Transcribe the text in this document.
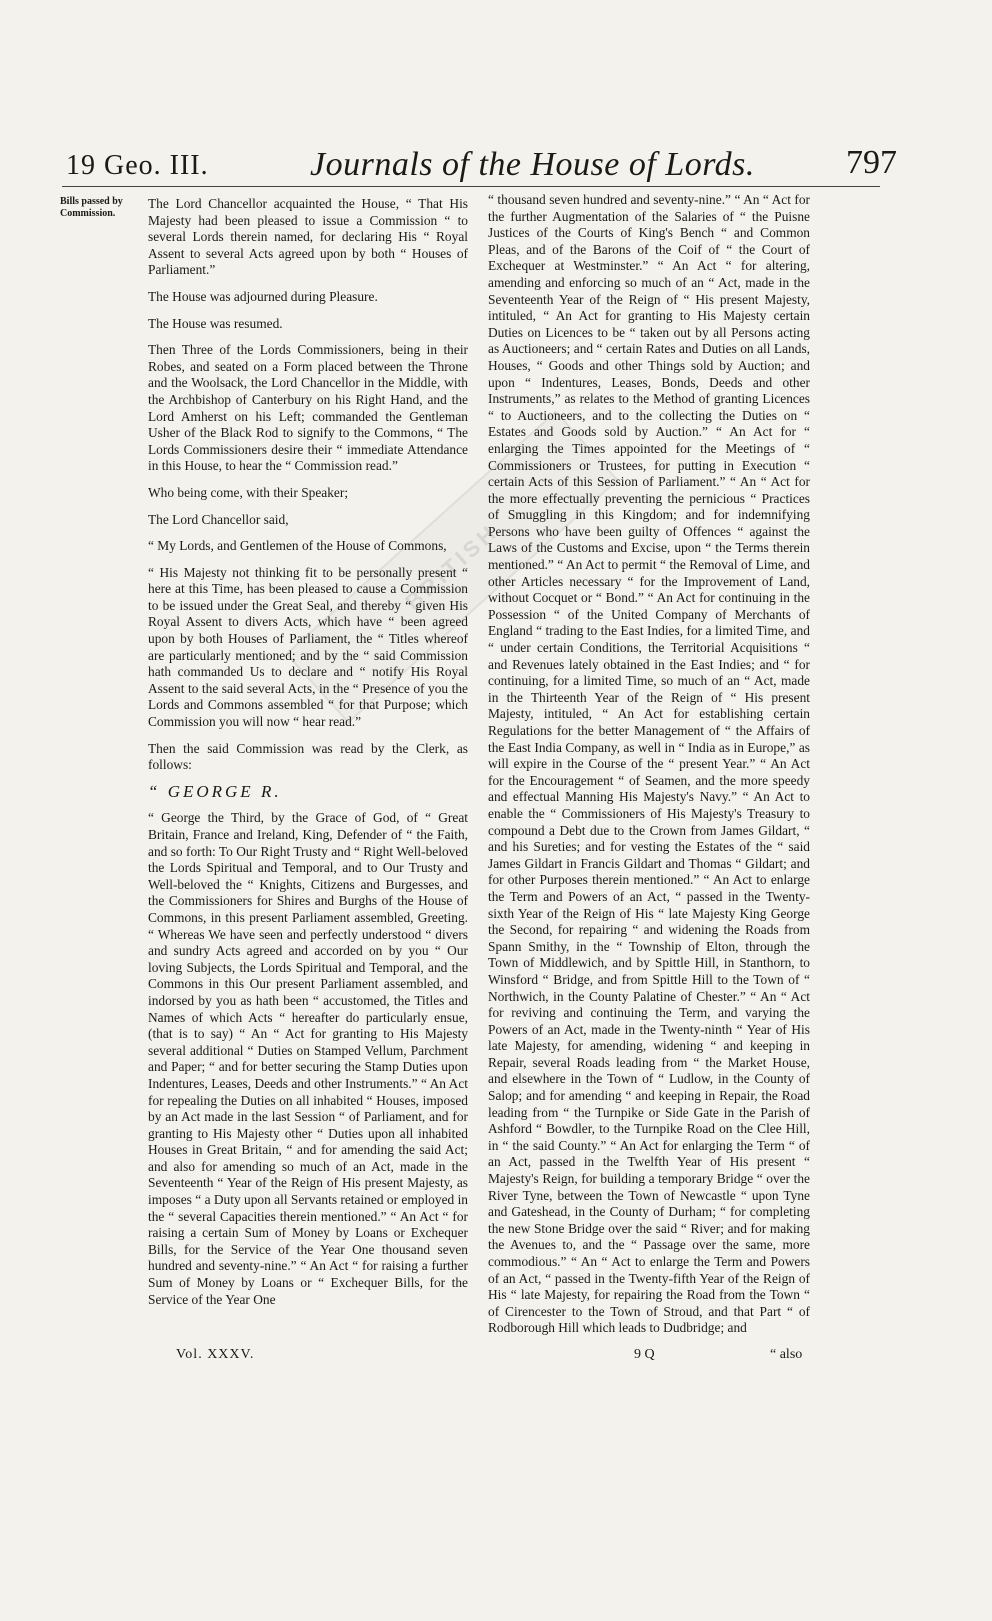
19 Geo. III.	Journals of the House of Lords.	797
Bills passed by Commission.
BRITISH

The Lord Chancellor acquainted the House, “ That His Majesty had been pleased to issue a Commission “ to several Lords therein named, for declaring His “ Royal Assent to several Acts agreed upon by both “ Houses of Parliament.”

The House was adjourned during Pleasure.

The House was resumed.

Then Three of the Lords Commissioners, being in their Robes, and seated on a Form placed between the Throne and the Woolsack, the Lord Chancellor in the Middle, with the Archbishop of Canterbury on his Right Hand, and the Lord Amherst on his Left; commanded the Gentleman Usher of the Black Rod to signify to the Commons, “ The Lords Commissioners desire their “ immediate Attendance in this House, to hear the “ Commission read.”

Who being come, with their Speaker;

The Lord Chancellor said,

“ My Lords, and Gentlemen of the House of Commons,

“ His Majesty not thinking fit to be personally present “ here at this Time, has been pleased to cause a Commission to be issued under the Great Seal, and thereby “ given His Royal Assent to divers Acts, which have “ been agreed upon by both Houses of Parliament, the “ Titles whereof are particularly mentioned; and by the “ said Commission hath commanded Us to declare and “ notify His Royal Assent to the said several Acts, in the “ Presence of you the Lords and Commons assembled “ for that Purpose; which Commission you will now “ hear read.”

Then the said Commission was read by the Clerk, as follows:

“ GEORGE R.

“ George the Third, by the Grace of God, of “ Great Britain, France and Ireland, King, Defender of “ the Faith, and so forth: To Our Right Trusty and “ Right Well-beloved the Lords Spiritual and Temporal, and to Our Trusty and Well-beloved the “ Knights, Citizens and Burgesses, and the Commissioners for Shires and Burghs of the House of Commons, in this present Parliament assembled, Greeting. “ Whereas We have seen and perfectly understood “ divers and sundry Acts agreed and accorded on by you “ Our loving Subjects, the Lords Spiritual and Temporal, and the Commons in this Our present Parliament assembled, and indorsed by you as hath been “ accustomed, the Titles and Names of which Acts “ hereafter do particularly ensue, (that is to say) “ An “ Act for granting to His Majesty several additional “ Duties on Stamped Vellum, Parchment and Paper; “ and for better securing the Stamp Duties upon Indentures, Leases, Deeds and other Instruments.” “ An Act for repealing the Duties on all inhabited “ Houses, imposed by an Act made in the last Session “ of Parliament, and for granting to His Majesty other “ Duties upon all inhabited Houses in Great Britain, “ and for amending the said Act; and also for amending so much of an Act, made in the Seventeenth “ Year of the Reign of His present Majesty, as imposes “ a Duty upon all Servants retained or employed in the “ several Capacities therein mentioned.” “ An Act “ for raising a certain Sum of Money by Loans or Exchequer Bills, for the Service of the Year One thousand seven hundred and seventy-nine.” “ An Act “ for raising a further Sum of Money by Loans or “ Exchequer Bills, for the Service of the Year One

“ thousand seven hundred and seventy-nine.” “ An “ Act for the further Augmentation of the Salaries of “ the Puisne Justices of the Courts of King's Bench “ and Common Pleas, and of the Barons of the Coif of “ the Court of Exchequer at Westminster.” “ An Act “ for altering, amending and enforcing so much of an “ Act, made in the Seventeenth Year of the Reign of “ His present Majesty, intituled, “ An Act for granting to His Majesty certain Duties on Licences to be “ taken out by all Persons acting as Auctioneers; and “ certain Rates and Duties on all Lands, Houses, “ Goods and other Things sold by Auction; and upon “ Indentures, Leases, Bonds, Deeds and other Instruments,” as relates to the Method of granting Licences “ to Auctioneers, and to the collecting the Duties on “ Estates and Goods sold by Auction.” “ An Act for “ enlarging the Times appointed for the Meetings of “ Commissioners or Trustees, for putting in Execution “ certain Acts of this Session of Parliament.” “ An “ Act for the more effectually preventing the pernicious “ Practices of Smuggling in this Kingdom; and for indemnifying Persons who have been guilty of Offences “ against the Laws of the Customs and Excise, upon “ the Terms therein mentioned.” “ An Act to permit “ the Removal of Lime, and other Articles necessary “ for the Improvement of Land, without Cocquet or “ Bond.” “ An Act for continuing in the Possession “ of the United Company of Merchants of England “ trading to the East Indies, for a limited Time, and “ under certain Conditions, the Territorial Acquisitions “ and Revenues lately obtained in the East Indies; and “ for continuing, for a limited Time, so much of an “ Act, made in the Thirteenth Year of the Reign of “ His present Majesty, intituled, “ An Act for establishing certain Regulations for the better Management of “ the Affairs of the East India Company, as well in “ India as in Europe,” as will expire in the Course of the “ present Year.” “ An Act for the Encouragement “ of Seamen, and the more speedy and effectual Manning His Majesty's Navy.” “ An Act to enable the “ Commissioners of His Majesty's Treasury to compound a Debt due to the Crown from James Gildart, “ and his Sureties; and for vesting the Estates of the “ said James Gildart in Francis Gildart and Thomas “ Gildart; and for other Purposes therein mentioned.” “ An Act to enlarge the Term and Powers of an Act, “ passed in the Twenty-sixth Year of the Reign of His “ late Majesty King George the Second, for repairing “ and widening the Roads from Spann Smithy, in the “ Township of Elton, through the Town of Middlewich, and by Spittle Hill, in Stanthorn, to Winsford “ Bridge, and from Spittle Hill to the Town of “ Northwich, in the County Palatine of Chester.” “ An “ Act for reviving and continuing the Term, and varying the Powers of an Act, made in the Twenty-ninth “ Year of His late Majesty, for amending, widening “ and keeping in Repair, several Roads leading from “ the Market House, and elsewhere in the Town of “ Ludlow, in the County of Salop; and for amending “ and keeping in Repair, the Road leading from “ the Turnpike or Side Gate in the Parish of Ashford “ Bowdler, to the Turnpike Road on the Clee Hill, in “ the said County.” “ An Act for enlarging the Term “ of an Act, passed in the Twelfth Year of His present “ Majesty's Reign, for building a temporary Bridge “ over the River Tyne, between the Town of Newcastle “ upon Tyne and Gateshead, in the County of Durham; “ for completing the new Stone Bridge over the said “ River; and for making the Avenues to, and the “ Passage over the same, more commodious.” “ An “ Act to enlarge the Term and Powers of an Act, “ passed in the Twenty-fifth Year of the Reign of His “ late Majesty, for repairing the Road from the Town “ of Cirencester to the Town of Stroud, and that Part “ of Rodborough Hill which leads to Dudbridge; and

Vol. XXXV.	9 Q	“ also
